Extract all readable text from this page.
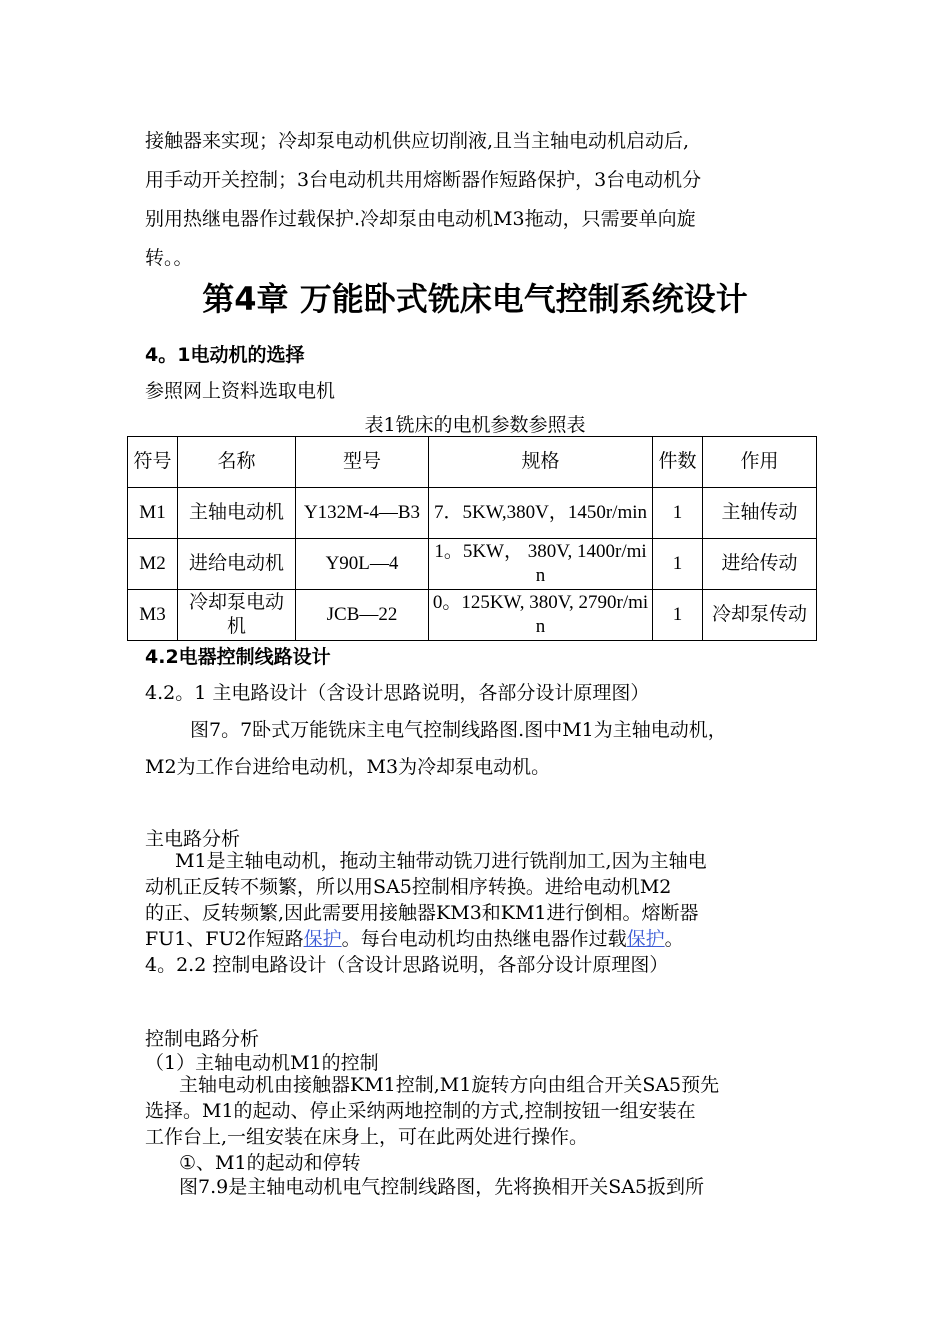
接触器来实现；冷却泵电动机供应切削液,且当主轴电动机启动后,
用手动开关控制；3台电动机共用熔断器作短路保护，3台电动机分
别用热继电器作过载保护.冷却泵由电动机M3拖动，只需要单向旋
转。。
第4章 万能卧式铣床电气控制系统设计
4。1电动机的选择
参照网上资料选取电机
表1铣床的电机参数参照表
符号	名称	型号	规格	件数	作用
M1	主轴电动机	Y132M-4—B3	7．5KW,380V，1450r/min	1	主轴传动
M2	进给电动机	Y90L—4	1。5KW， 380V, 1400r/min	1	进给传动
M3	冷却泵电动机	JCB—22	0。125KW, 380V, 2790r/min	1	冷却泵传动
4.2电器控制线路设计
4.2。1 主电路设计（含设计思路说明，各部分设计原理图）
图7。7卧式万能铣床主电气控制线路图.图中M1为主轴电动机，
M2为工作台进给电动机，M3为冷却泵电动机。
主电路分析
M1是主轴电动机，拖动主轴带动铣刀进行铣削加工,因为主轴电
动机正反转不频繁，所以用SA5控制相序转换。进给电动机M2
的正、反转频繁,因此需要用接触器KM3和KM1进行倒相。熔断器
FU1、FU2作短路保护。每台电动机均由热继电器作过载保护。
4。2.2 控制电路设计（含设计思路说明，各部分设计原理图）
控制电路分析
（1）主轴电动机M1的控制
主轴电动机由接触器KM1控制,M1旋转方向由组合开关SA5预先
选择。M1的起动、停止采纳两地控制的方式,控制按钮一组安装在
工作台上,一组安装在床身上，可在此两处进行操作。
①、M1的起动和停转
图7.9是主轴电动机电气控制线路图，先将换相开关SA5扳到所
